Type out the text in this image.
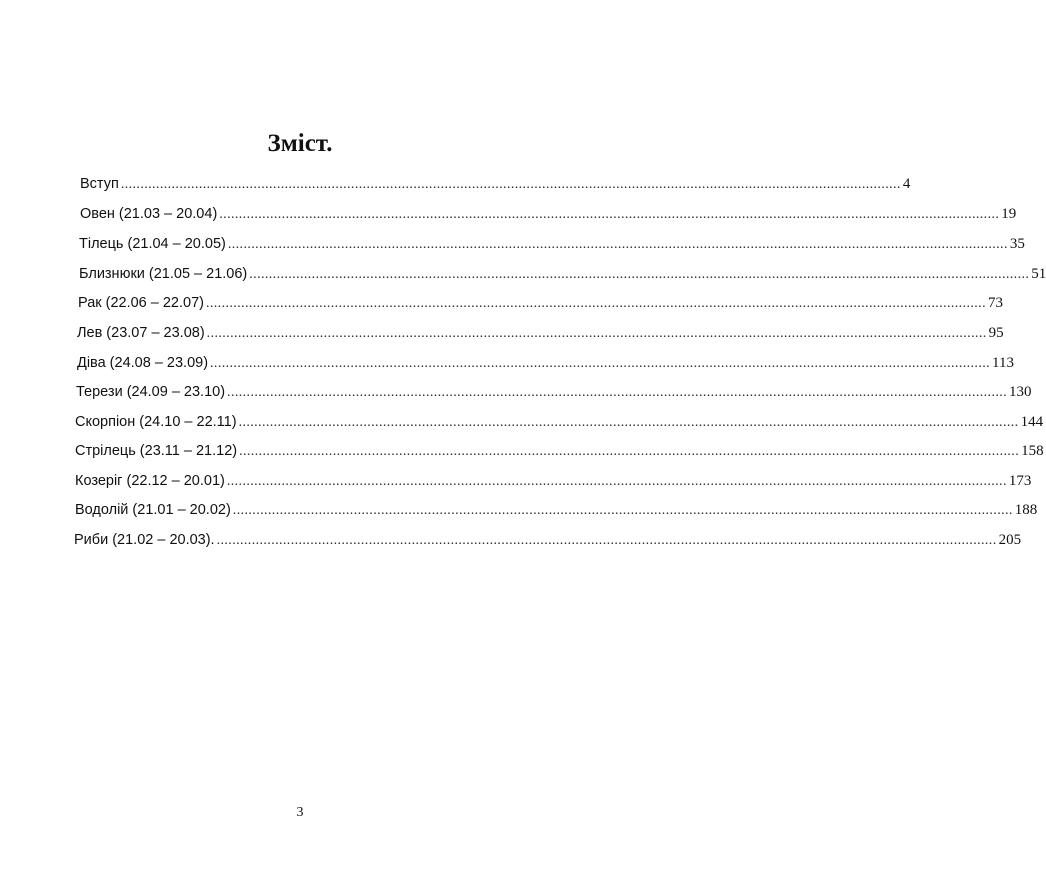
Зміст.
Вступ ........................................................................................................................................................................................................ 4
Овен (21.03 – 20.04) ........................................................................................................................................................................................................ 19
Тілець (21.04 – 20.05) ........................................................................................................................................................................................................ 35
Близнюки (21.05 – 21.06) ........................................................................................................................................................................................................ 51
Рак (22.06 – 22.07) ........................................................................................................................................................................................................ 73
Лев (23.07 – 23.08) ........................................................................................................................................................................................................ 95
Діва (24.08 – 23.09) ........................................................................................................................................................................................................ 113
Терези (24.09 – 23.10) ........................................................................................................................................................................................................ 130
Скорпіон (24.10 – 22.11) ........................................................................................................................................................................................................ 144
Стрілець (23.11 – 21.12) ........................................................................................................................................................................................................ 158
Козеріг (22.12 – 20.01) ........................................................................................................................................................................................................ 173
Водолій (21.01 – 20.02) ........................................................................................................................................................................................................ 188
Риби (21.02 – 20.03). ........................................................................................................................................................................................................ 205
3
